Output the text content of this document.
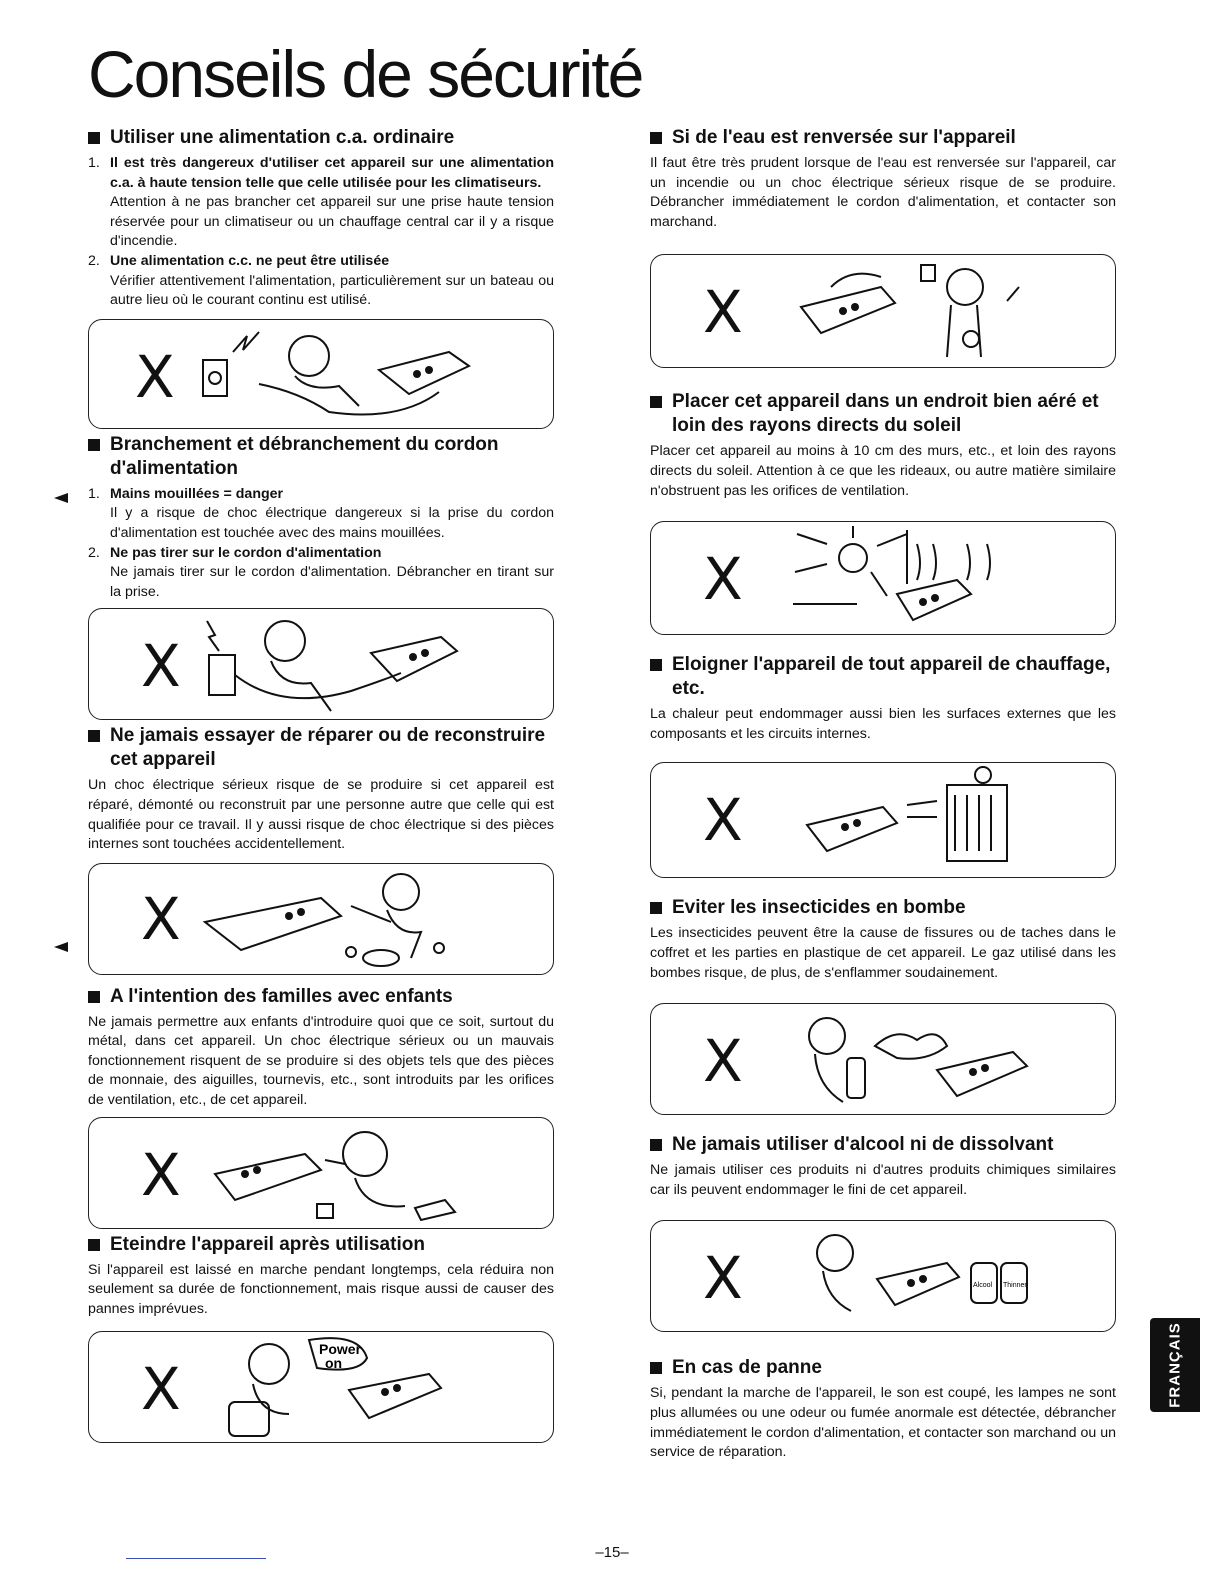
Conseils de sécurité
Utiliser une alimentation c.a. ordinaire
1. Il est très dangereux d'utiliser cet appareil sur une alimentation c.a. à haute tension telle que celle utilisée pour les climatiseurs.
Attention à ne pas brancher cet appareil sur une prise haute tension réservée pour un climatiseur ou un chauffage central car il y a risque d'incendie.
2. Une alimentation c.c. ne peut être utilisée
Vérifier attentivement l'alimentation, particulièrement sur un bateau ou autre lieu où le courant continu est utilisé.
X
Branchement et débranchement du cordon d'alimentation
1. Mains mouillées = danger
Il y a risque de choc électrique dangereux si la prise du cordon d'alimentation est touchée avec des mains mouillées.
2. Ne pas tirer sur le cordon d'alimentation
Ne jamais tirer sur le cordon d'alimentation. Débrancher en tirant sur la prise.
X
Ne jamais essayer de réparer ou de reconstruire cet appareil
Un choc électrique sérieux risque de se produire si cet appareil est réparé, démonté ou reconstruit par une personne autre que celle qui est qualifiée pour ce travail. Il y aussi risque de choc électrique si des pièces internes sont touchées accidentellement.
X
A l'intention des familles avec enfants
Ne jamais permettre aux enfants d'introduire quoi que ce soit, surtout du métal, dans cet appareil. Un choc électrique sérieux ou un mauvais fonctionnement risquent de se produire si des objets tels que des pièces de monnaie, des aiguilles, tournevis, etc., sont introduits par les orifices de ventilation, etc., de cet appareil.
X
Eteindre l'appareil après utilisation
Si l'appareil est laissé en marche pendant longtemps, cela réduira non seulement sa durée de fonctionnement, mais risque aussi de causer des pannes imprévues.
X
Power
on
Si de l'eau est renversée sur l'appareil
Il faut être très prudent lorsque de l'eau est renversée sur l'appareil, car un incendie ou un choc électrique sérieux risque de se produire. Débrancher immédiatement le cordon d'alimentation, et contacter son marchand.
X
Placer cet appareil dans un endroit bien aéré et loin des rayons directs du soleil
Placer cet appareil au moins à 10 cm des murs, etc., et loin des rayons directs du soleil. Attention à ce que les rideaux, ou autre matière similaire n'obstruent pas les orifices de ventilation.
X
Eloigner l'appareil de tout appareil de chauffage, etc.
La chaleur peut endommager aussi bien les surfaces externes que les composants et les circuits internes.
X
Eviter les insecticides en bombe
Les insecticides peuvent être la cause de fissures ou de taches dans le coffret et les parties en plastique de cet appareil. Le gaz utilisé dans les bombes risque, de plus, de s'enflammer soudainement.
X
Ne jamais utiliser d'alcool ni de dissolvant
Ne jamais utiliser ces produits ni d'autres produits chimiques similaires car ils peuvent endommager le fini de cet appareil.
X	Alcool Thinner
En cas de panne
Si, pendant la marche de l'appareil, le son est coupé, les lampes ne sont plus allumées ou une odeur ou fumée anormale est détectée, débrancher immédiatement le cordon d'alimentation, et contacter son marchand ou un service de réparation.
FRANÇAIS
–15–
